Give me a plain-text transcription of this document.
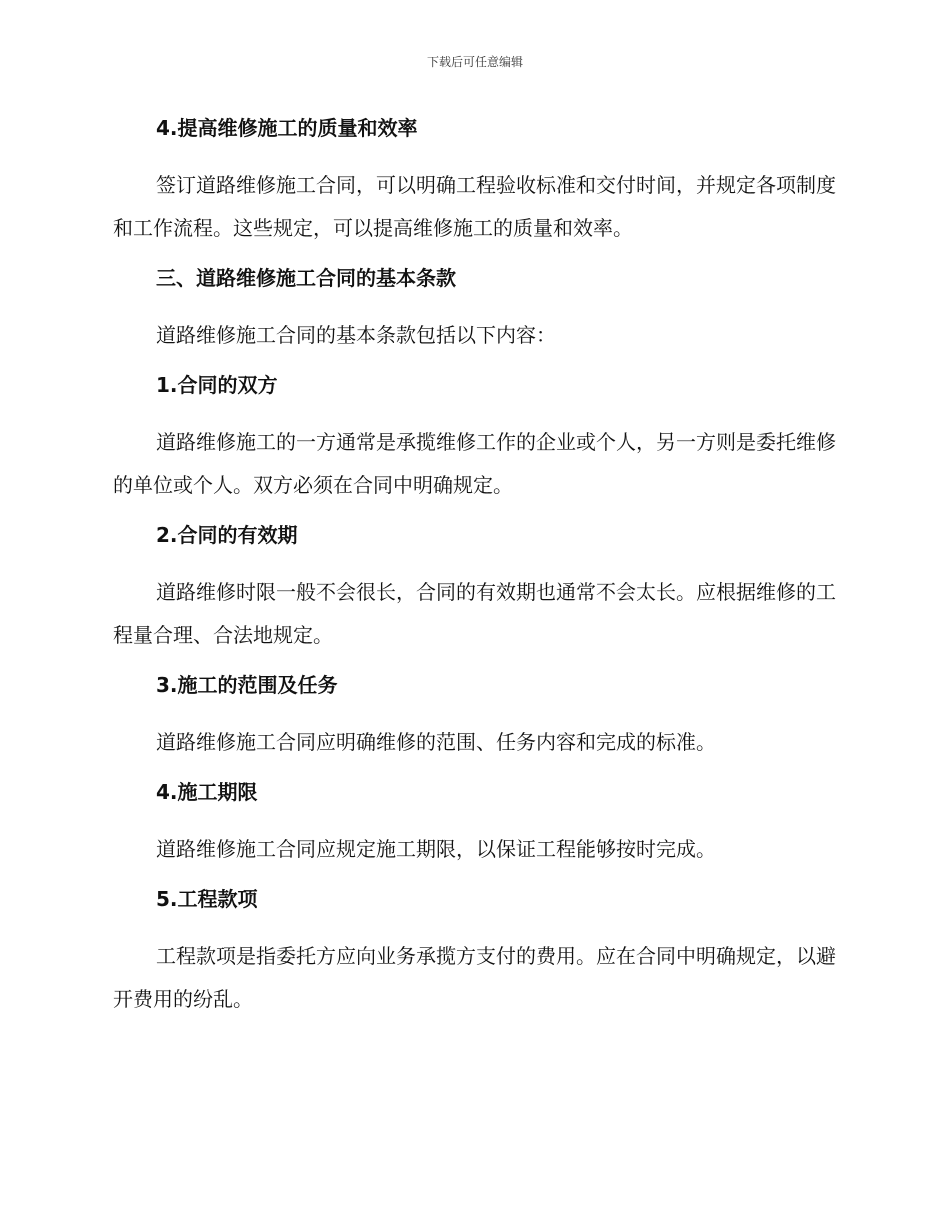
下载后可任意编辑
4.提高维修施工的质量和效率
签订道路维修施工合同，可以明确工程验收标准和交付时间，并规定各项制度和工作流程。这些规定，可以提高维修施工的质量和效率。
三、道路维修施工合同的基本条款
道路维修施工合同的基本条款包括以下内容：
1.合同的双方
道路维修施工的一方通常是承揽维修工作的企业或个人，另一方则是委托维修的单位或个人。双方必须在合同中明确规定。
2.合同的有效期
道路维修时限一般不会很长，合同的有效期也通常不会太长。应根据维修的工程量合理、合法地规定。
3.施工的范围及任务
道路维修施工合同应明确维修的范围、任务内容和完成的标准。
4.施工期限
道路维修施工合同应规定施工期限，以保证工程能够按时完成。
5.工程款项
工程款项是指委托方应向业务承揽方支付的费用。应在合同中明确规定，以避开费用的纷乱。
